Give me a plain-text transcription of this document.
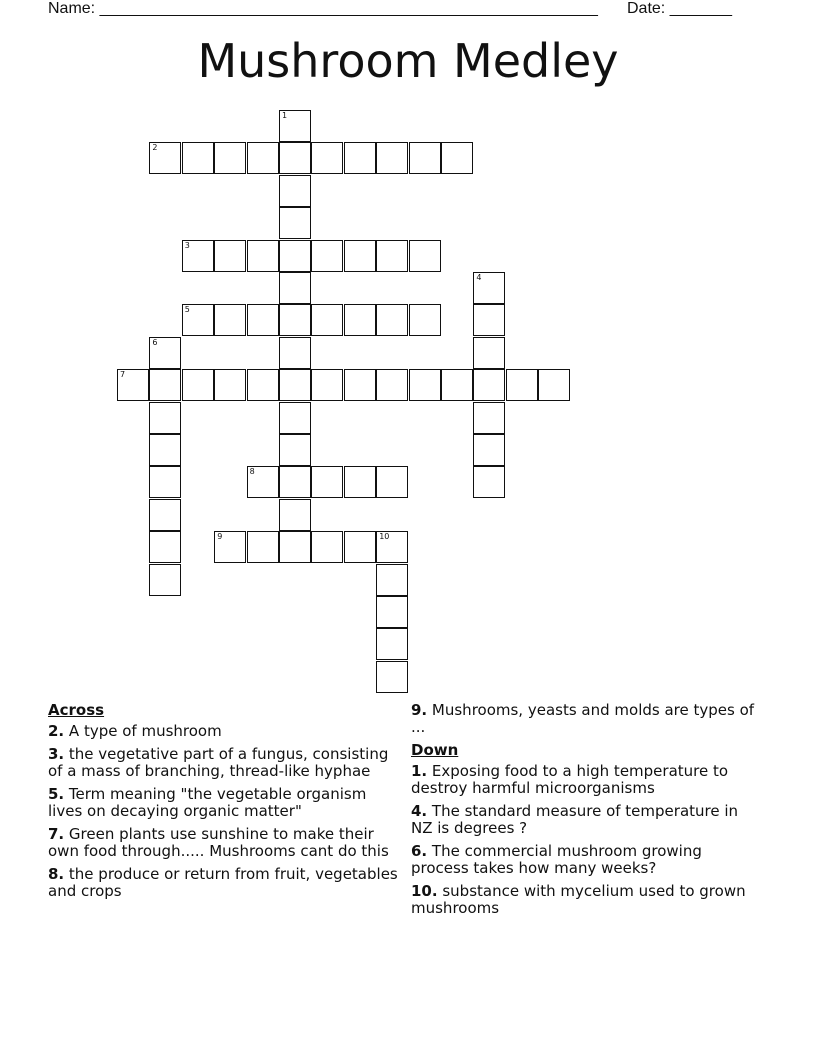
Name: ________________________________________________________ Date: _______
Mushroom Medley
1
2
3
4
5
6
7
8
9	10
Across
2. A type of mushroom
3. the vegetative part of a fungus, consisting of a mass of branching, thread-like hyphae
5. Term meaning "the vegetable organism lives on decaying organic matter"
7. Green plants use sunshine to make their own food through..... Mushrooms cant do this
8. the produce or return from fruit, vegetables and crops
9. Mushrooms, yeasts and molds are types of ...
Down
1. Exposing food to a high temperature to destroy harmful microorganisms
4. The standard measure of temperature in NZ is degrees ?
6. The commercial mushroom growing process takes how many weeks?
10. substance with mycelium used to grown mushrooms
